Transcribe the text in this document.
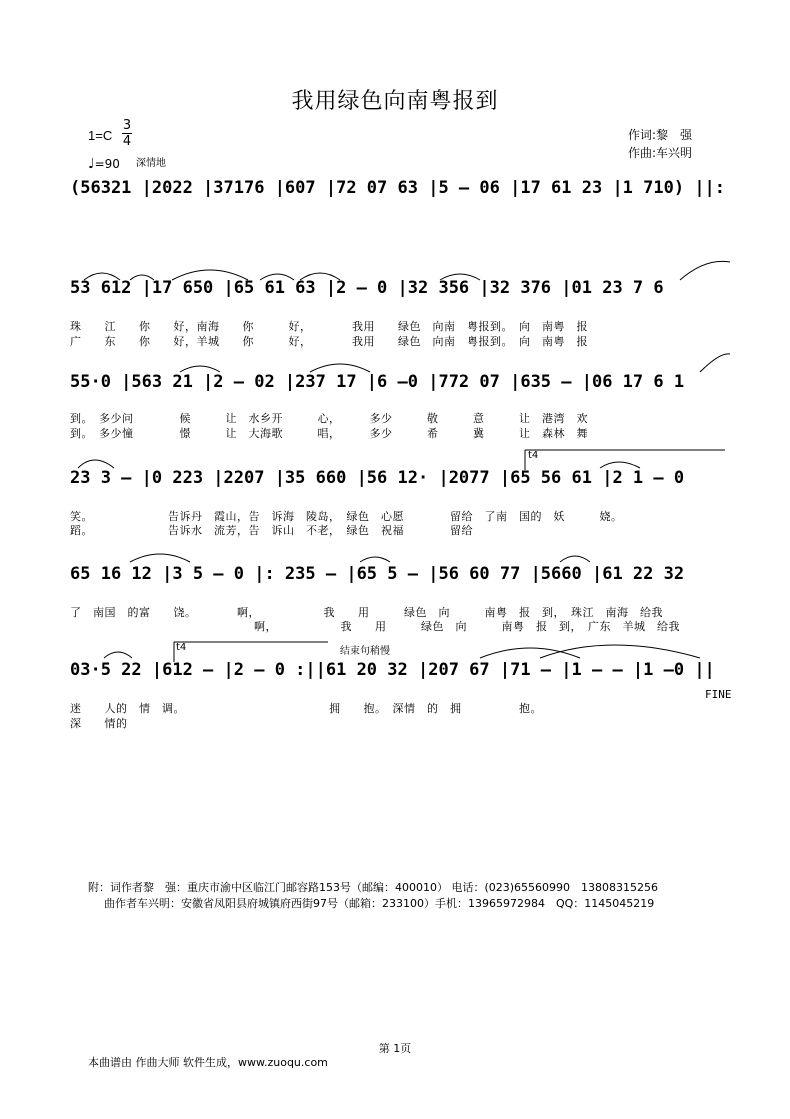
我用绿色向南粤报到
1=C
3
4
♩=90 深情地
作词:黎　强
作曲:车兴明
(56321 |2022 |37176 |607 |72 07 63 |5 — 06 |17 61 23 |1 710) ||:
53 612 |17 650 |65 61 63 |2 — 0 |32 356 |32 376 |01 23 7 6
珠　　江　　你　　好，南海　　你　　　好，　　　　我用　　绿色　向南　粤报到。　向　南粤　报
广　　东　　你　　好，羊城　　你　　　好，　　　　我用　　绿色　向南　粤报到。　向　南粤　报
55·0 |563 21 |2 — 02 |237 17 |6 —0 |772 07 |635 — |06 17 6 1
到。　多少问　　　　候　　　让　水乡开　　　心，　　　多少　　　敬　　　意　　　让　港湾　欢
到。　多少憧　　　　憬　　　让　大海歌　　　唱，　　　多少　　　希　　　冀　　　让　森林　舞
t4
23 3 — |0 223 |2207 |35 660 |56 12· |2077 |65 56 61 |2 1 — 0
笑。　　　　　　　告诉丹　霞山，告　诉海　陵岛，　绿色　心愿　　　　留给　了南　国的　妖　　　娆。
蹈。　　　　　　　告诉水　流芳，告　诉山　不老，　绿色　祝福　　　　留给
65 16 12 |3 5 — 0 |: 235 — |65 5 — |56 60 77 |5660 |61 22 32
了　南国　的富　　饶。　　　　啊，　　　　　　我　　用　　　绿色　向　　　南粤　报　到，　珠江　南海　给我
　　　　　　　　　　　　　　　　啊，　　　　　　我　　用　　　绿色　向　　　南粤　报　到，　广东　羊城　给我
t4	结束句稍慢
03·5 22 |612 — |2 — 0 :||61 20 32 |207 67 |71 — |1 — — |1 —0 ||
FINE
迷　　人的　情　调。　　　　　　　　　　　　　拥　　抱。　深情　的　拥　　　　　抱。
深　　情的
附：词作者黎　强：重庆市渝中区临江门邮容路153号（邮编：400010） 电话：(023)65560990　13808315256
曲作者车兴明：安徽省凤阳县府城镇府西街97号（邮箱：233100）手机：13965972984　QQ：1145045219
第 1页
本曲谱由 作曲大师 软件生成，www.zuoqu.com
